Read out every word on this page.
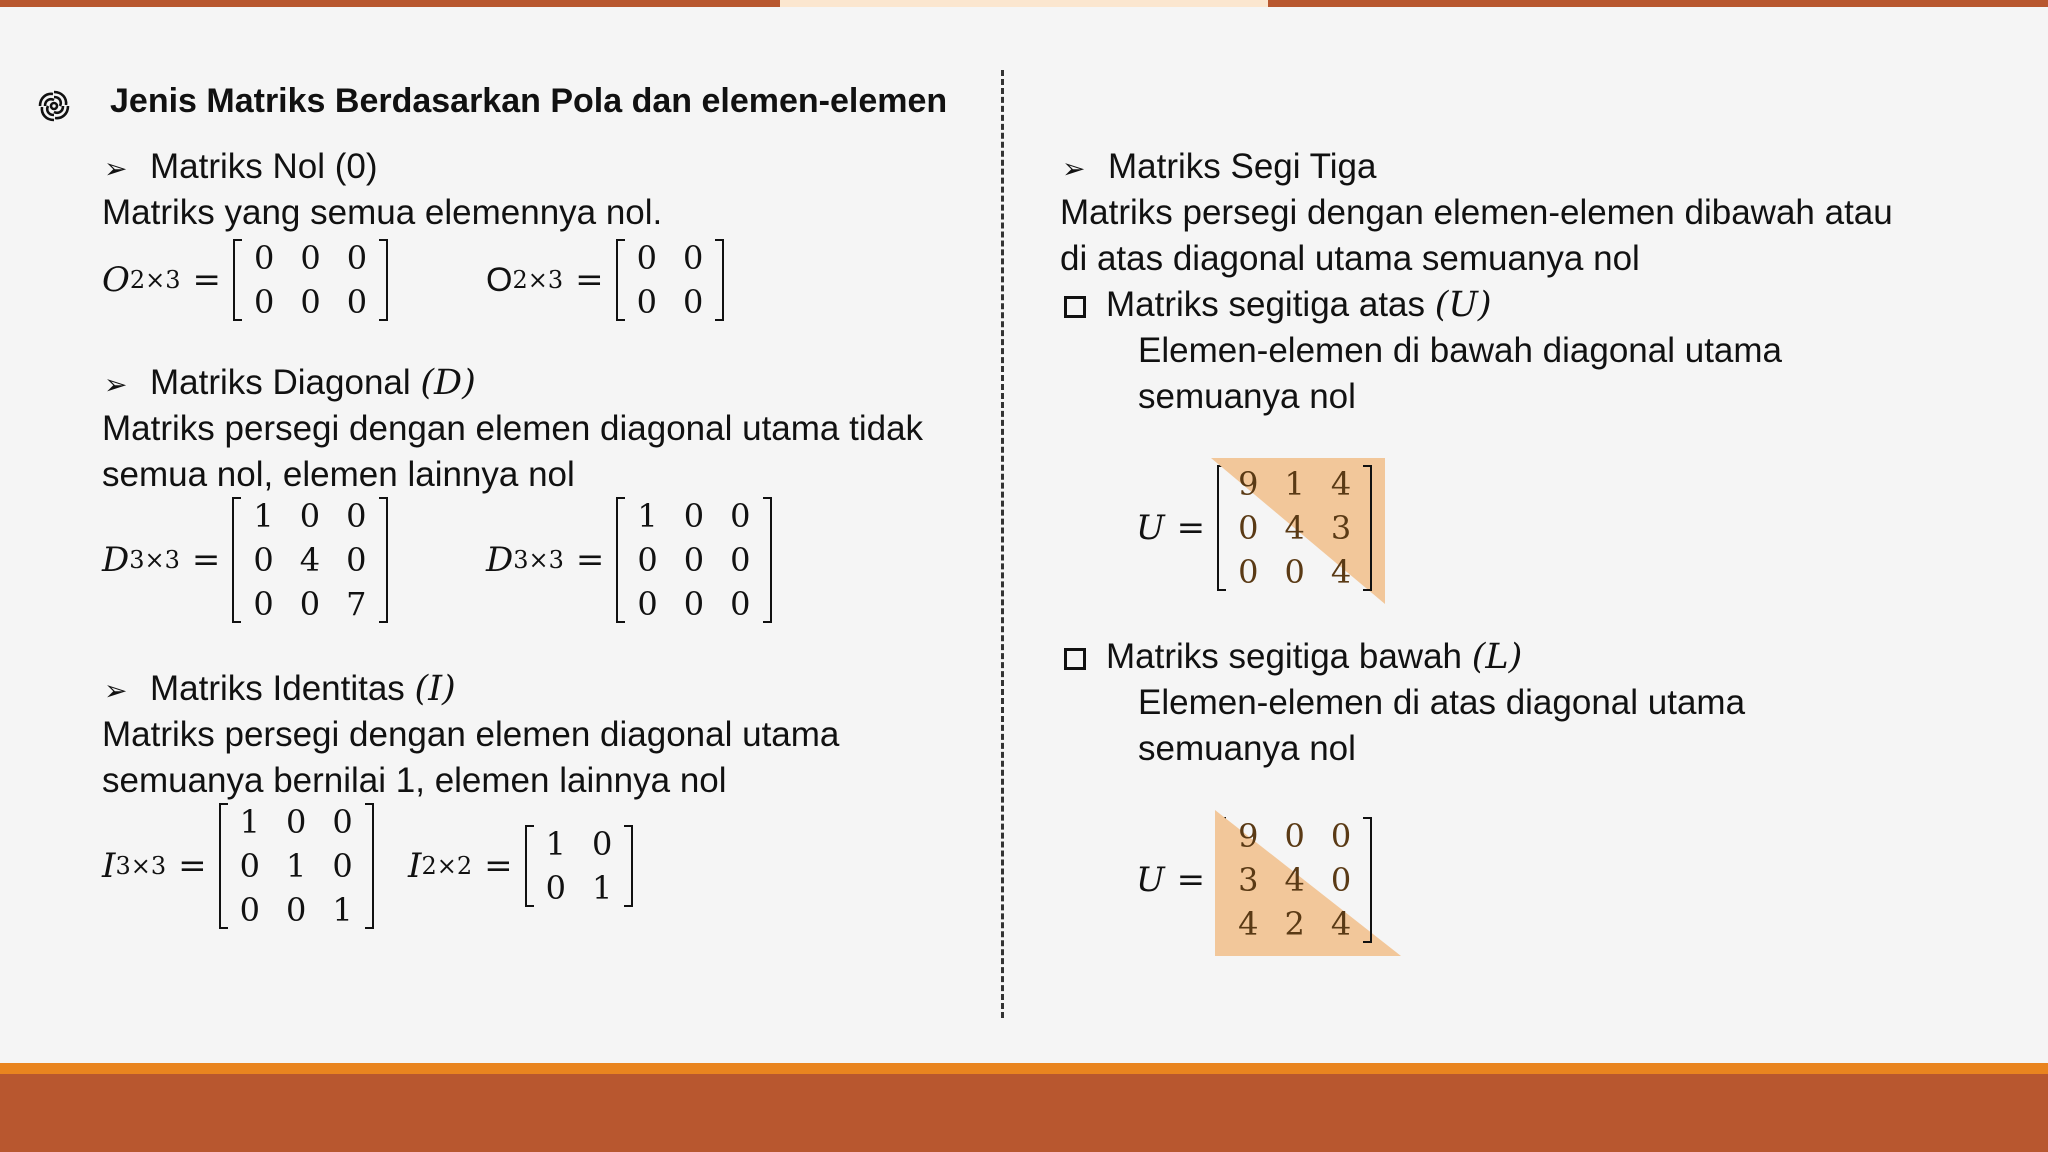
Jenis Matriks Berdasarkan Pola dan elemen-elemen
➢ Matriks Nol (0)
Matriks yang semua elemennya nol.
O 2×3 =
0	0	0
0	0	0
O 2×3 =
0	0
0	0
➢ Matriks Diagonal (D)
Matriks persegi dengan elemen diagonal utama tidak
semua nol, elemen lainnya nol
D 3×3 =
1	0	0
0	4	0
0	0	7
D 3×3 =
1	0	0
0	0	0
0	0	0
➢ Matriks Identitas (I)
Matriks persegi dengan elemen diagonal utama
semuanya bernilai 1, elemen lainnya nol
I 3×3 =
1	0	0
0	1	0
0	0	1
I 2×2 =
1	0
0	1
➢ Matriks Segi Tiga
Matriks persegi dengan elemen-elemen dibawah atau
di atas diagonal utama semuanya nol
Matriks segitiga atas (U)
Elemen-elemen di bawah diagonal utama
semuanya nol
U =
9	1	4
0	4	3
0	0	4
Matriks segitiga bawah (L)
Elemen-elemen di atas diagonal utama
semuanya nol
U =
9	0	0
3	4	0
4	2	4
